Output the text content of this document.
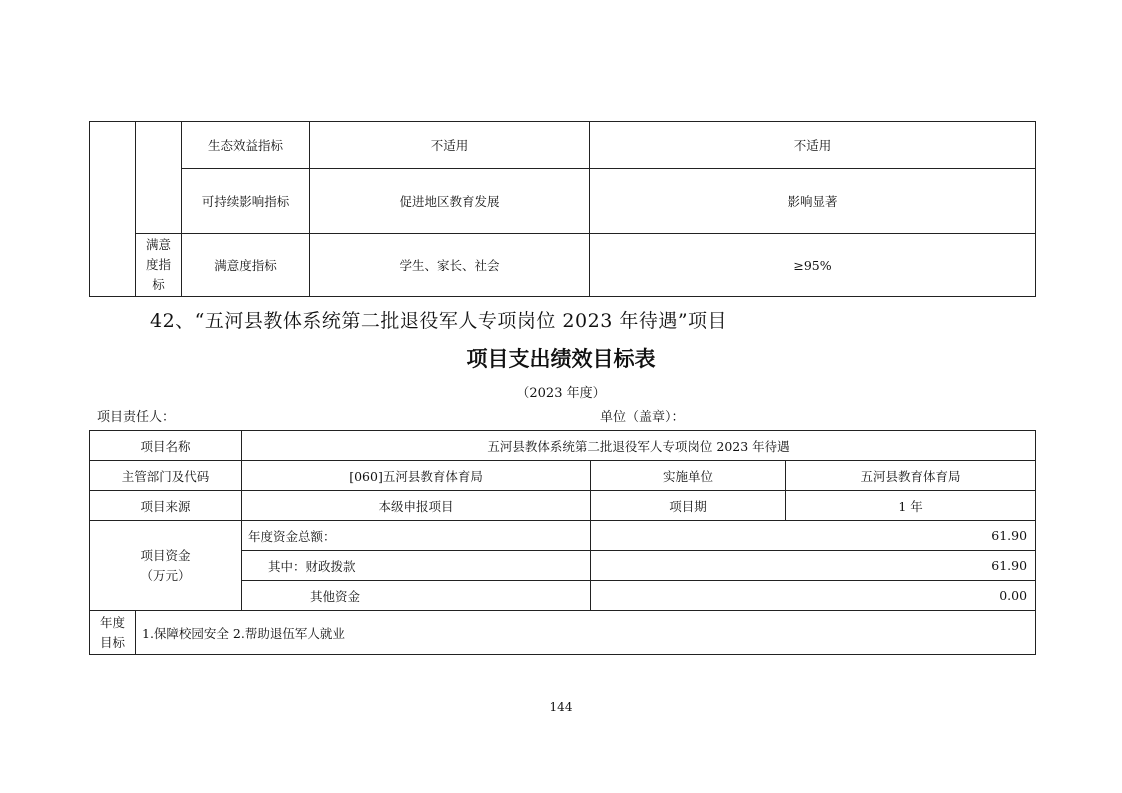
		生态效益指标	不适用	不适用
		可持续影响指标	促进地区教育发展	影响显著

	满意
度指
标	满意度指标	学生、家长、社会	≥95%
42、“五河县教体系统第二批退役军人专项岗位 2023 年待遇”项目
项目支出绩效目标表
（2023 年度）
项目责任人：	单位（盖章）：
项目名称		五河县教体系统第二批退役军人专项岗位 2023 年待遇		
主管部门及代码		[060]五河县教育体育局	实施单位	五河县教育体育局
项目来源		本级申报项目	项目期	1 年

项目资金
（万元）		年度资金总额：	61.90	
		其中：财政拨款	61.90	
		其他资金	0.00	

年度
目标	1.保障校园安全 2.帮助退伍军人就业			
144
